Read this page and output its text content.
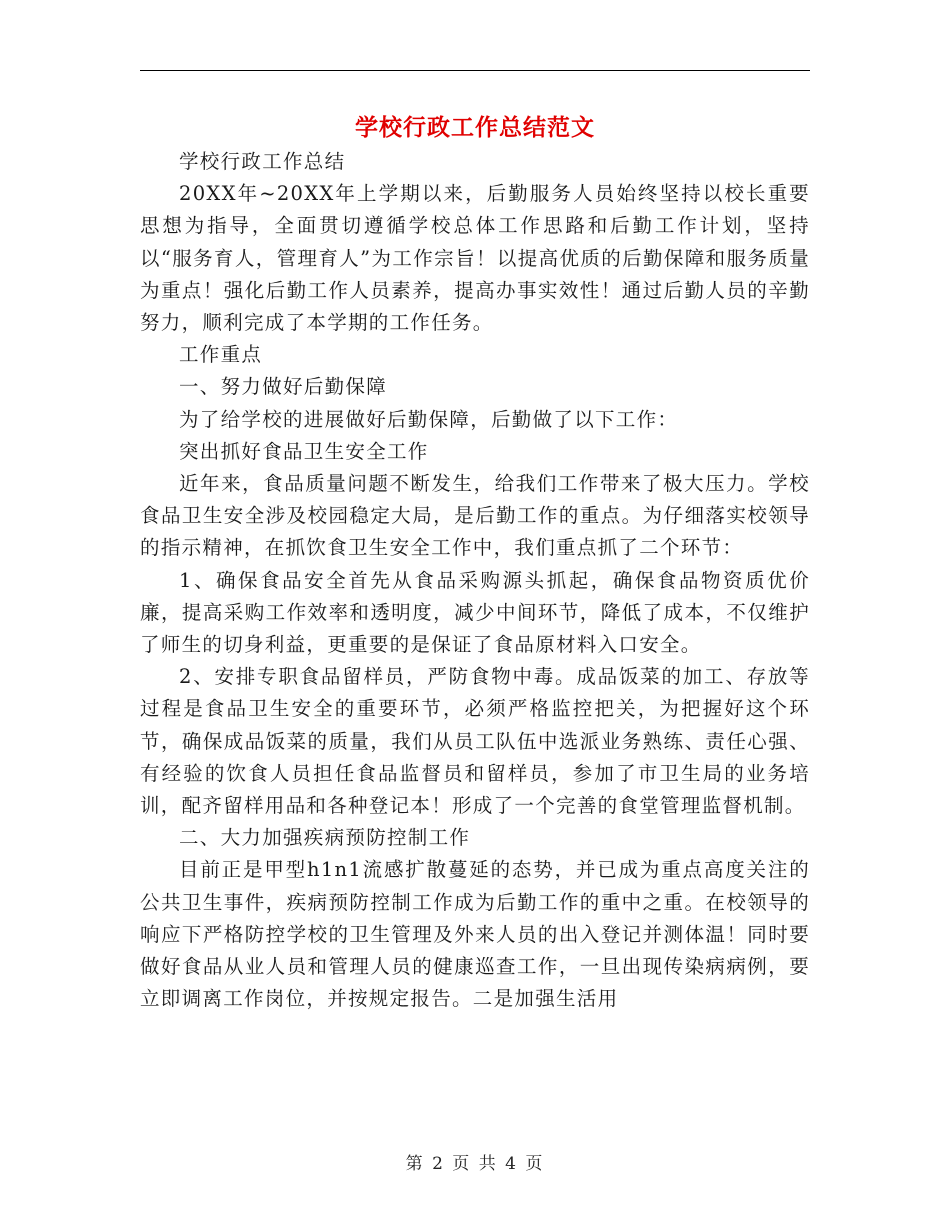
学校行政工作总结范文

学校行政工作总结

20XX年~20XX年上学期以来，后勤服务人员始终坚持以校长重要思想为指导，全面贯切遵循学校总体工作思路和后勤工作计划，坚持以“服务育人，管理育人”为工作宗旨！以提高优质的后勤保障和服务质量为重点！强化后勤工作人员素养，提高办事实效性！通过后勤人员的辛勤努力，顺利完成了本学期的工作任务。

工作重点

一、努力做好后勤保障

为了给学校的进展做好后勤保障，后勤做了以下工作：

突出抓好食品卫生安全工作

近年来，食品质量问题不断发生，给我们工作带来了极大压力。学校食品卫生安全涉及校园稳定大局，是后勤工作的重点。为仔细落实校领导的指示精神，在抓饮食卫生安全工作中，我们重点抓了二个环节：

1、确保食品安全首先从食品采购源头抓起，确保食品物资质优价廉，提高采购工作效率和透明度，减少中间环节，降低了成本，不仅维护了师生的切身利益，更重要的是保证了食品原材料入口安全。

2、安排专职食品留样员，严防食物中毒。成品饭菜的加工、存放等过程是食品卫生安全的重要环节，必须严格监控把关，为把握好这个环节，确保成品饭菜的质量，我们从员工队伍中选派业务熟练、责任心强、有经验的饮食人员担任食品监督员和留样员，参加了市卫生局的业务培训，配齐留样用品和各种登记本！形成了一个完善的食堂管理监督机制。

二、大力加强疾病预防控制工作

目前正是甲型h1n1流感扩散蔓延的态势，并已成为重点高度关注的公共卫生事件，疾病预防控制工作成为后勤工作的重中之重。在校领导的响应下严格防控学校的卫生管理及外来人员的出入登记并测体温！同时要做好食品从业人员和管理人员的健康巡查工作，一旦出现传染病病例，要立即调离工作岗位，并按规定报告。二是加强生活用

第 2 页 共 4 页
